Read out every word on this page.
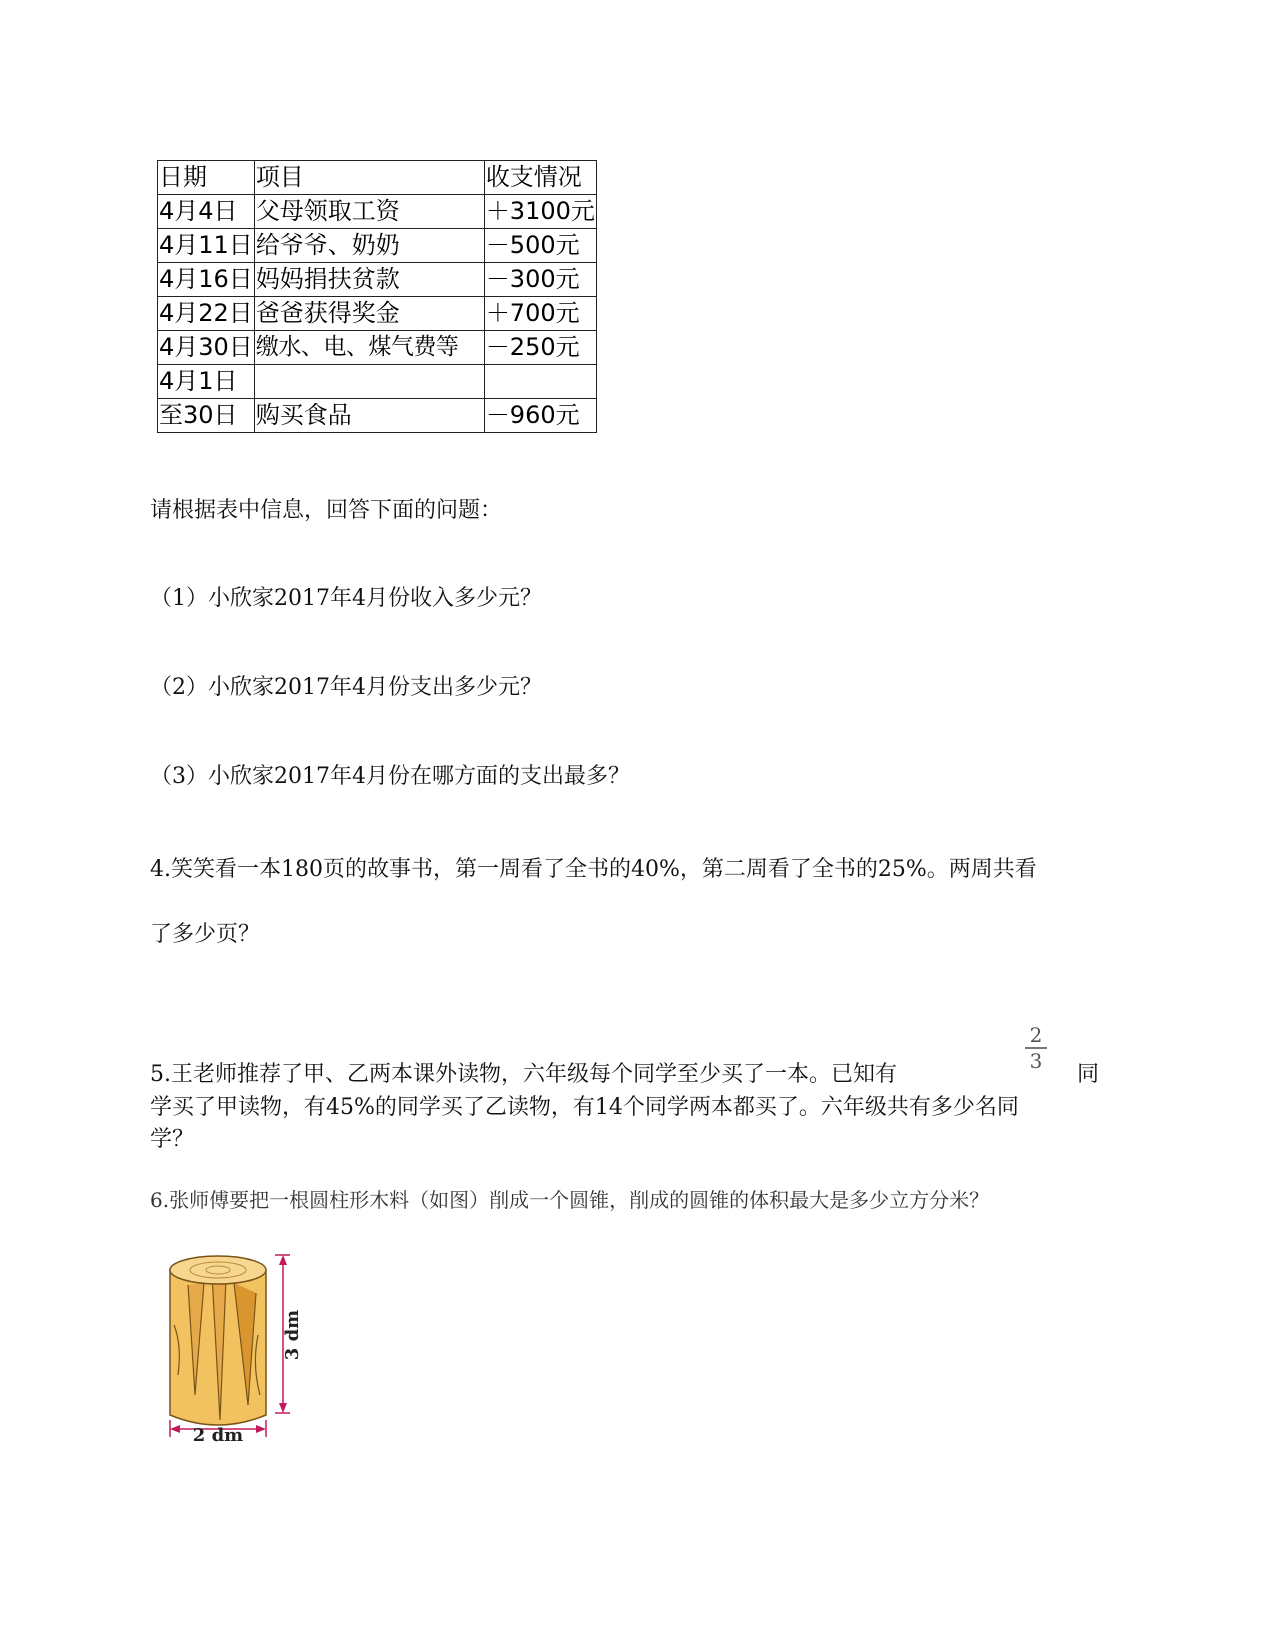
日期	项目	收支情况
4月4日	父母领取工资	＋3100元
4月11日	给爷爷、奶奶	－500元
4月16日	妈妈捐扶贫款	－300元
4月22日	爸爸获得奖金	＋700元
4月30日	缴水、电、煤气费等	－250元
4月1日		
至30日	购买食品	－960元
请根据表中信息，回答下面的问题：
（1）小欣家2017年4月份收入多少元？
（2）小欣家2017年4月份支出多少元？
（3）小欣家2017年4月份在哪方面的支出最多？
4.笑笑看一本180页的故事书，第一周看了全书的40%，第二周看了全书的25%。两周共看
了多少页？
5.王老师推荐了甲、乙两本课外读物，六年级每个同学至少买了一本。已知有
2
3
同
学买了甲读物，有45%的同学买了乙读物，有14个同学两本都买了。六年级共有多少名同
学？
6.张师傅要把一根圆柱形木料（如图）削成一个圆锥，削成的圆锥的体积最大是多少立方分米？
3 dm
2 dm
